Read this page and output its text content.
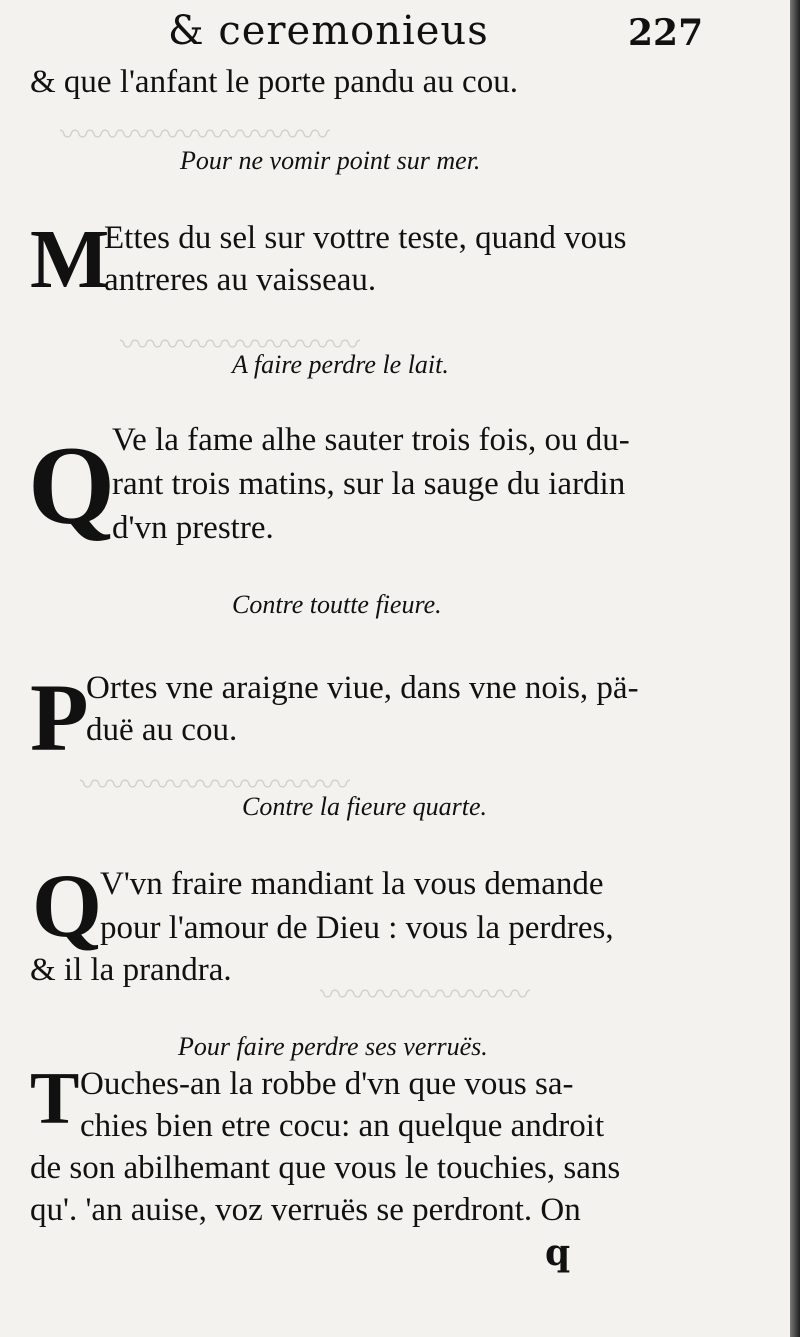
〰〰〰〰〰〰〰〰〰
〰〰〰〰〰〰〰〰
〰〰〰〰〰〰〰〰〰
〰〰〰〰〰〰〰
& ceremonieus	227
& que l'anfant le porte pandu au cou.
Pour ne vomir point sur mer.
M
Ettes du sel sur vottre teste, quand vous
antreres au vaisseau.
A faire perdre le lait.
Q
Ve la fame alhe sauter trois fois, ou du-
rant trois matins, sur la sauge du iardin
d'vn prestre.
Contre toutte fieure.
P
Ortes vne araigne viue, dans vne nois, pä-
duë au cou.
Contre la fieure quarte.
Q
V'vn fraire mandiant la vous demande
pour l'amour de Dieu : vous la perdres,
& il la prandra.
Pour faire perdre ses verruës.
T Ouches-an la robbe d'vn que vous sa-
chies bien etre cocu: an quelque androit
de son abilhemant que vous le touchies, sans
qu'. 'an auise, voz verruës se perdront. On
q
